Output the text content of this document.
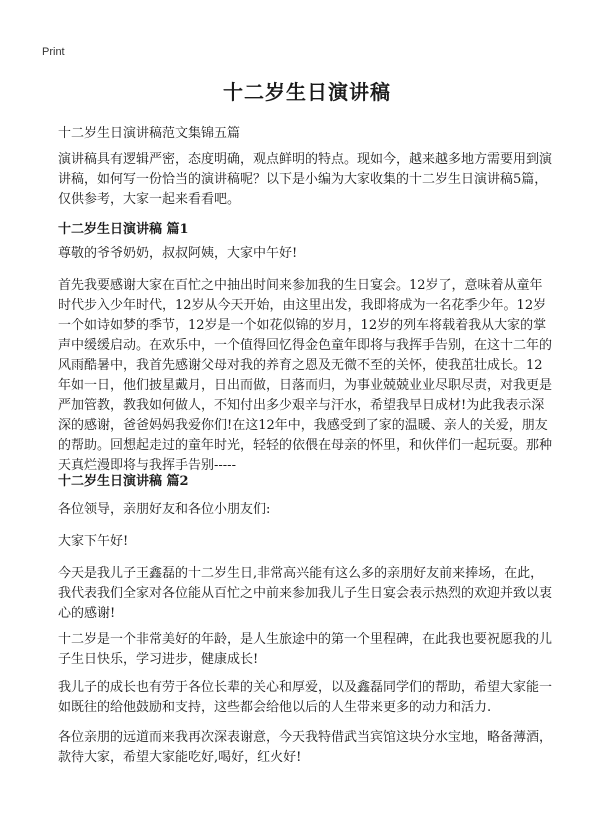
Print
十二岁生日演讲稿

十二岁生日演讲稿范文集锦五篇

演讲稿具有逻辑严密，态度明确，观点鲜明的特点。现如今，越来越多地方需要用到演讲稿，如何写一份恰当的演讲稿呢？以下是小编为大家收集的十二岁生日演讲稿5篇，仅供参考，大家一起来看看吧。

十二岁生日演讲稿 篇1

尊敬的爷爷奶奶，叔叔阿姨，大家中午好!

首先我要感谢大家在百忙之中抽出时间来参加我的生日宴会。12岁了，意味着从童年时代步入少年时代，12岁从今天开始，由这里出发，我即将成为一名花季少年。12岁一个如诗如梦的季节，12岁是一个如花似锦的岁月，12岁的列车将载着我从大家的掌声中缓缓启动。在欢乐中，一个值得回忆得金色童年即将与我挥手告别，在这十二年的风雨酷暑中，我首先感谢父母对我的养育之恩及无微不至的关怀，使我茁壮成长。12年如一日，他们披星戴月，日出而做，日落而归，为事业兢兢业业尽职尽责，对我更是严加管教，教我如何做人，不知付出多少艰辛与汗水，希望我早日成材!为此我表示深深的感谢，爸爸妈妈我爱你们!在这12年中，我感受到了家的温暖、亲人的关爱，朋友的帮助。回想起走过的童年时光，轻轻的依偎在母亲的怀里，和伙伴们一起玩耍。那种天真烂漫即将与我挥手告别-----

十二岁生日演讲稿 篇2

各位领导，亲朋好友和各位小朋友们:

大家下午好!

今天是我儿子王鑫磊的十二岁生日,非常高兴能有这么多的亲朋好友前来捧场，在此，我代表我们全家对各位能从百忙之中前来参加我儿子生日宴会表示热烈的欢迎并致以衷心的感谢!

十二岁是一个非常美好的年龄，是人生旅途中的第一个里程碑，在此我也要祝愿我的儿子生日快乐，学习进步，健康成长!

我儿子的成长也有劳于各位长辈的关心和厚爱，以及鑫磊同学们的帮助，希望大家能一如既往的给他鼓励和支持，这些都会给他以后的人生带来更多的动力和活力.

各位亲朋的远道而来我再次深表谢意，今天我特借武当宾馆这块分水宝地，略备薄酒，款待大家，希望大家能吃好,喝好，红火好!
